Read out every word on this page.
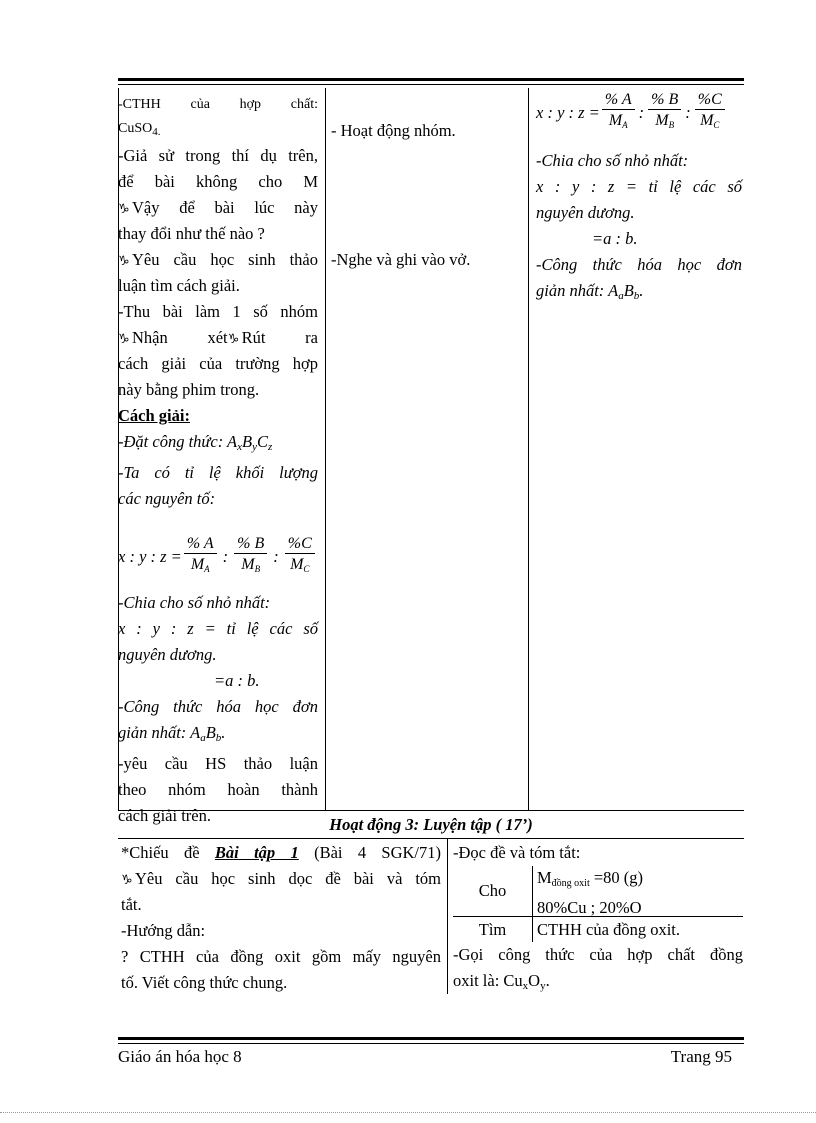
-CTHH của hợp chất:

CuSO$_{4.}$

-Giả sử trong thí dụ trên,

để bài không cho M

♑Vậy để bài lúc này

thay đổi như thế nào ?

♑Yêu cầu học sinh thảo

luận tìm cách giải.

-Thu bài làm 1 số nhóm

♑Nhận xét♑ Rút ra

cách giải của trường hợp

này bằng phim trong.

Cách giải:

-Đặt công thức: $A_xB_yC_z$

-Ta có tỉ lệ khối lượng

các nguyên tố:

x : y : $z = \frac{\% A}{MA}$ : $\frac{\% B}{MB}$ : $\frac{\%C}{MC}$

-Chia cho số nhỏ nhất:

x : y : z = tỉ lệ các số

nguyên dương.

=a : b.

-Công thức hóa học đơn

giản nhất: $A_aB_b$.

-yêu cầu HS thảo luận

theo nhóm hoàn thành

cách giải trên.

- Hoạt động nhóm.

-Nghe và ghi vào vở.

x : y : $z = \frac{\% A}{MA}$ : $\frac{\% B}{MB}$ : $\frac{\%C}{MC}$

-Chia cho số nhỏ nhất:

x : y : z = tỉ lệ các số

nguyên dương.

=a : b.

-Công thức hóa học đơn

giản nhất: $A_aB_b$.

Hoạt động 3: Luyện tập ( 17’)

*Chiếu đề Bài tập 1 (Bài 4 SGK/71)

♑Yêu cầu học sinh dọc đề bài và tóm

tắt.

-Hướng dẫn:

? CTHH của đồng oxit gồm mấy nguyên

tố. Viết công thức chung.

-Đọc đề và tóm tắt:

Cho
Mđồng oxit =80 (g)
80%Cu ; 20%O
Tìm	CTHH của đồng oxit.

-Gọi công thức của hợp chất đồng

oxit là: $Cu_xO_y$.

Giáo án hóa học 8	Trang 95
